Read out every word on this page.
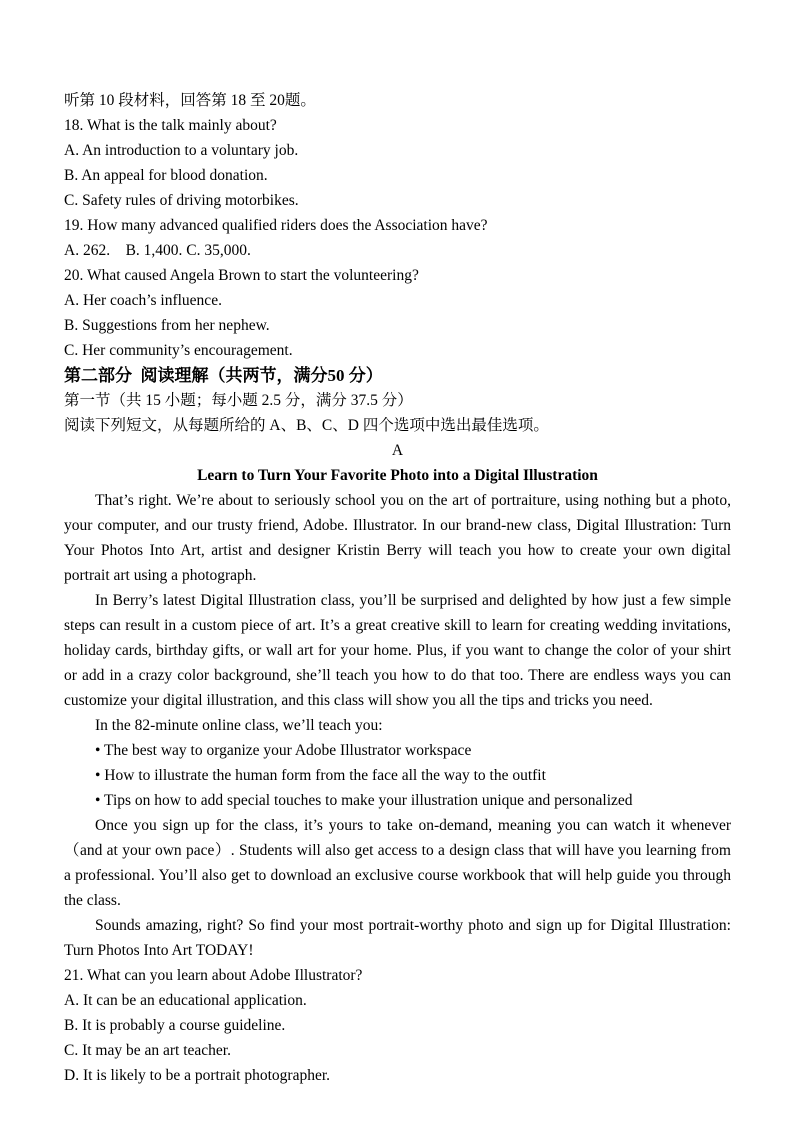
听第 10 段材料，回答第 18 至 20题。
18. What is the talk mainly about?
A. An introduction to a voluntary job.
B. An appeal for blood donation.
C. Safety rules of driving motorbikes.
19. How many advanced qualified riders does the Association have?
A. 262.    B. 1,400. C. 35,000.
20. What caused Angela Brown to start the volunteering?
A. Her coach’s influence.
B. Suggestions from her nephew.
C. Her community’s encouragement.
第二部分  阅读理解（共两节，满分50 分）
第一节（共 15 小题；每小题 2.5 分，满分 37.5 分）
阅读下列短文，从每题所给的 A、B、C、D 四个选项中选出最佳选项。
A
Learn to Turn Your Favorite Photo into a Digital Illustration
That’s right. We’re about to seriously school you on the art of portraiture, using nothing but a photo, your computer, and our trusty friend, Adobe. Illustrator. In our brand-new class, Digital Illustration: Turn Your Photos Into Art, artist and designer Kristin Berry will teach you how to create your own digital portrait art using a photograph.
In Berry’s latest Digital Illustration class, you’ll be surprised and delighted by how just a few simple steps can result in a custom piece of art. It’s a great creative skill to learn for creating wedding invitations, holiday cards, birthday gifts, or wall art for your home. Plus, if you want to change the color of your shirt or add in a crazy color background, she’ll teach you how to do that too. There are endless ways you can customize your digital illustration, and this class will show you all the tips and tricks you need.
In the 82-minute online class, we’ll teach you:
• The best way to organize your Adobe Illustrator workspace
• How to illustrate the human form from the face all the way to the outfit
• Tips on how to add special touches to make your illustration unique and personalized
Once you sign up for the class, it’s yours to take on-demand, meaning you can watch it whenever（and at your own pace）. Students will also get access to a design class that will have you learning from a professional. You’ll also get to download an exclusive course workbook that will help guide you through the class.
Sounds amazing, right? So find your most portrait-worthy photo and sign up for Digital Illustration: Turn Photos Into Art TODAY!
21. What can you learn about Adobe Illustrator?
A. It can be an educational application.
B. It is probably a course guideline.
C. It may be an art teacher.
D. It is likely to be a portrait photographer.
